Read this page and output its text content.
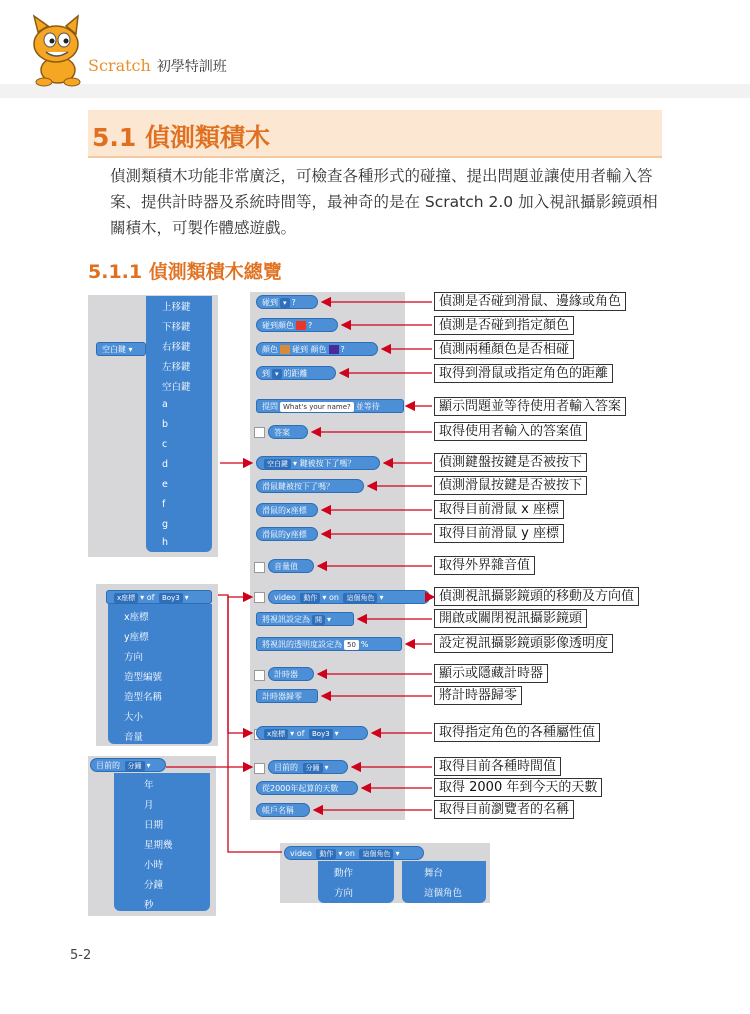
Scratch 初學特訓班
5.1 偵測類積木

偵測類積木功能非常廣泛，可檢查各種形式的碰撞、提出問題並讓使用者輸入答案、提供計時器及系統時間等，最神奇的是在 Scratch 2.0 加入視訊攝影鏡頭相關積木，可製作體感遊戲。

5.1.1 偵測類積木總覽
空白鍵 ▾
上移鍵
下移鍵
右移鍵
左移鍵
空白鍵
a
b
c
d
e
f
g
h
x座標 ▾ of Boy3 ▾
x座標
y座標
方向
造型編號
造型名稱
大小
音量
目前的 分鐘 ▾
年
月
日期
星期幾
小時
分鐘
秒
video 動作 ▾ on 這個角色 ▾
動作
方向
舞台
這個角色
碰到 ▾ ?
碰到顏色 ?
顏色 碰到 顏色 ?
到 ▾ 的距離
提問 What's your name? 並等待
答案
空白鍵 ▾ 鍵被按下了嗎？
滑鼠鍵被按下了嗎？
滑鼠的x座標
滑鼠的y座標
音量值
video 動作 ▾ on 這個角色 ▾
將視訊設定為 開 ▾
將視訊的透明度設定為 50 %
計時器
計時器歸零
x座標 ▾ of Boy3 ▾
目前的 分鐘 ▾
從2000年起算的天數
帳戶名稱
偵測是否碰到滑鼠、邊緣或角色
偵測是否碰到指定顏色
偵測兩種顏色是否相碰
取得到滑鼠或指定角色的距離
顯示問題並等待使用者輸入答案
取得使用者輸入的答案值
偵測鍵盤按鍵是否被按下
偵測滑鼠按鍵是否被按下
取得目前滑鼠 x 座標
取得目前滑鼠 y 座標
取得外界雜音值
偵測視訊攝影鏡頭的移動及方向值
開啟或關閉視訊攝影鏡頭
設定視訊攝影鏡頭影像透明度
顯示或隱藏計時器
將計時器歸零
取得指定角色的各種屬性值
取得目前各種時間值
取得 2000 年到今天的天數
取得目前瀏覽者的名稱
5-2
